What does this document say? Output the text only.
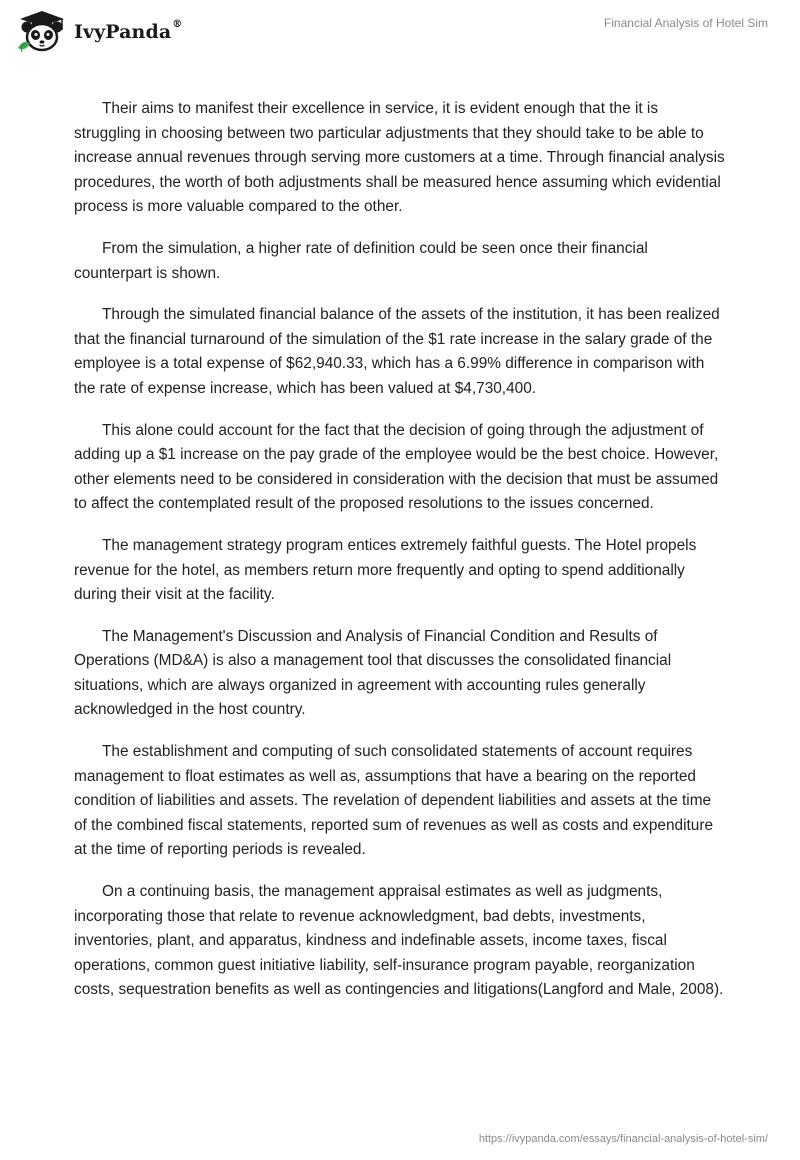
IvyPanda®	Financial Analysis of Hotel Sim

Their aims to manifest their excellence in service, it is evident enough that the it is struggling in choosing between two particular adjustments that they should take to be able to increase annual revenues through serving more customers at a time. Through financial analysis procedures, the worth of both adjustments shall be measured hence assuming which evidential process is more valuable compared to the other.

From the simulation, a higher rate of definition could be seen once their financial counterpart is shown.

Through the simulated financial balance of the assets of the institution, it has been realized that the financial turnaround of the simulation of the $1 rate increase in the salary grade of the employee is a total expense of $62,940.33, which has a 6.99% difference in comparison with the rate of expense increase, which has been valued at $4,730,400.

This alone could account for the fact that the decision of going through the adjustment of adding up a $1 increase on the pay grade of the employee would be the best choice. However, other elements need to be considered in consideration with the decision that must be assumed to affect the contemplated result of the proposed resolutions to the issues concerned.

The management strategy program entices extremely faithful guests. The Hotel propels revenue for the hotel, as members return more frequently and opting to spend additionally during their visit at the facility.

The Management's Discussion and Analysis of Financial Condition and Results of Operations (MD&A) is also a management tool that discusses the consolidated financial situations, which are always organized in agreement with accounting rules generally acknowledged in the host country.

The establishment and computing of such consolidated statements of account requires management to float estimates as well as, assumptions that have a bearing on the reported condition of liabilities and assets. The revelation of dependent liabilities and assets at the time of the combined fiscal statements, reported sum of revenues as well as costs and expenditure at the time of reporting periods is revealed.

On a continuing basis, the management appraisal estimates as well as judgments, incorporating those that relate to revenue acknowledgment, bad debts, investments, inventories, plant, and apparatus, kindness and indefinable assets, income taxes, fiscal operations, common guest initiative liability, self-insurance program payable, reorganization costs, sequestration benefits as well as contingencies and litigations(Langford and Male, 2008).

https://ivypanda.com/essays/financial-analysis-of-hotel-sim/
